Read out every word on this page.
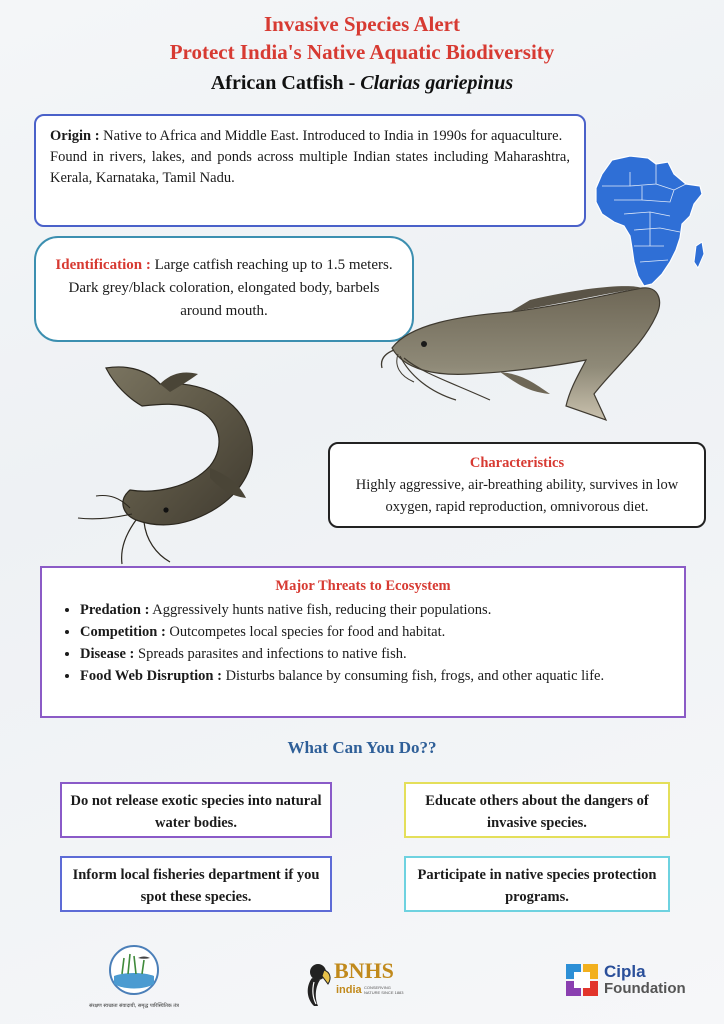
Invasive Species Alert
Protect India's Native Aquatic Biodiversity
African Catfish - Clarias gariepinus
Origin : Native to Africa and Middle East. Introduced to India in 1990s for aquaculture.
Found in rivers, lakes, and ponds across multiple Indian states including Maharashtra, Kerala, Karnataka, Tamil Nadu.
Identification : Large catfish reaching up to 1.5 meters. Dark grey/black coloration, elongated body, barbels around mouth.
Characteristics
Highly aggressive, air-breathing ability, survives in low oxygen, rapid reproduction, omnivorous diet.
Major Threats to Ecosystem
• Predation : Aggressively hunts native fish, reducing their populations.
• Competition : Outcompetes local species for food and habitat.
• Disease : Spreads parasites and infections to native fish.
• Food Web Disruption : Disturbs balance by consuming fish, frogs, and other aquatic life.
What Can You Do??
Do not release exotic species into natural water bodies.
Educate others about the dangers of invasive species.
Inform local fisheries department if you spot these species.
Participate in native species protection programs.
संरक्षण स्वच्छता संवादायी, समृद्ध पारिस्थितिक तंत्र
BNHS
india CONSERVING NATURE SINCE 1883
Cipla
Foundation
